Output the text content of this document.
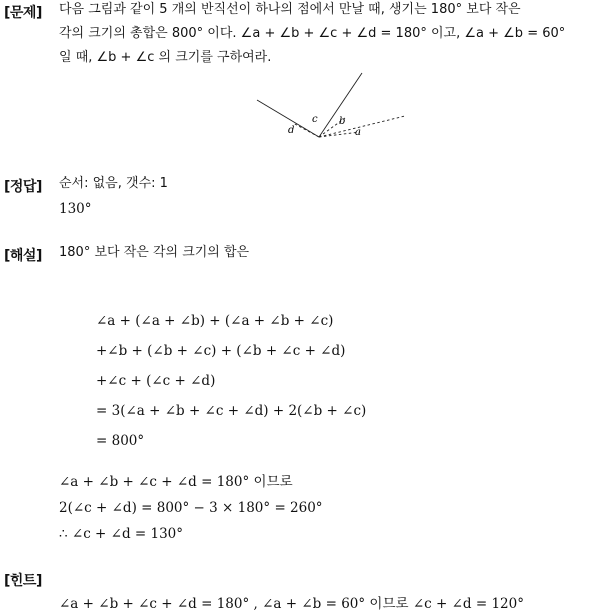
[문제] 다음 그림과 같이 5 개의 반직선이 하나의 점에서 만날 때, 생기는 180° 보다 작은
각의 크기의 총합은 800° 이다. ∠a + ∠b + ∠c + ∠d = 180° 이고, ∠a + ∠b = 60°
일 때, ∠b + ∠c 의 크기를 구하여라.
d
c b
a
[정답] 순서: 없음, 갯수: 1
130°
[해설] 180° 보다 작은 각의 크기의 합은
∠a + (∠a + ∠b) + (∠a + ∠b + ∠c)
+∠b + (∠b + ∠c) + (∠b + ∠c + ∠d)
+∠c + (∠c + ∠d)
= 3(∠a + ∠b + ∠c + ∠d) + 2(∠b + ∠c)
= 800°
∠a + ∠b + ∠c + ∠d = 180° 이므로
2(∠c + ∠d) = 800° − 3 × 180° = 260°
∴ ∠c + ∠d = 130°
[힌트]
∠a + ∠b + ∠c + ∠d = 180° , ∠a + ∠b = 60° 이므로 ∠c + ∠d = 120°
